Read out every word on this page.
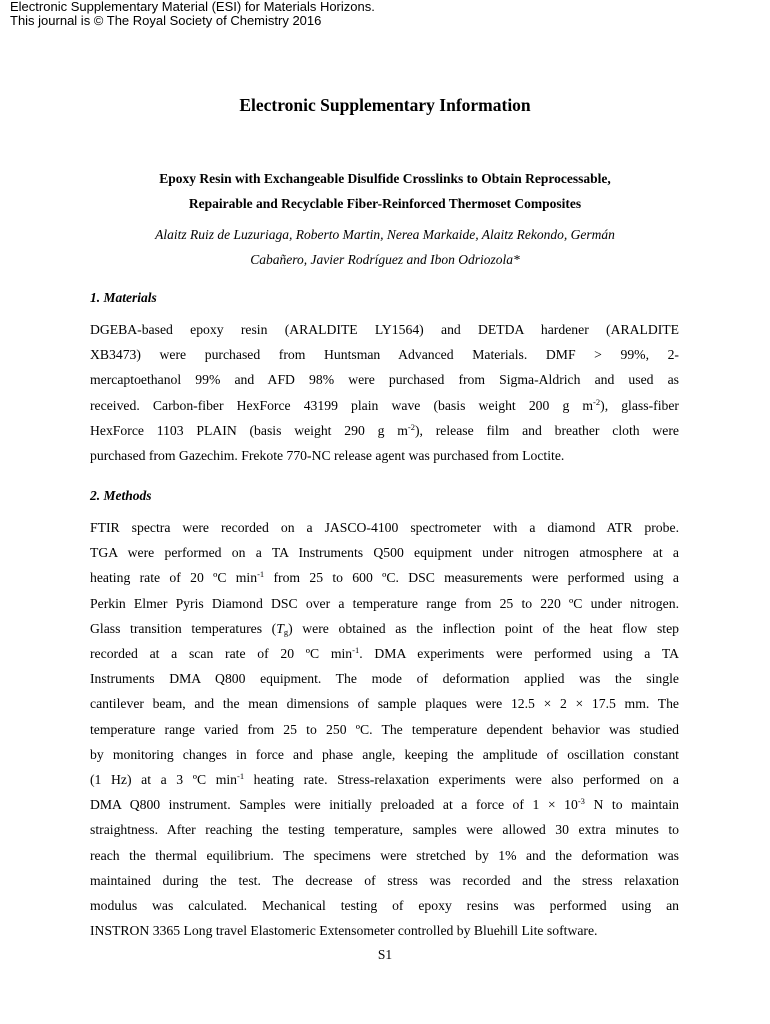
Electronic Supplementary Material (ESI) for Materials Horizons.
This journal is © The Royal Society of Chemistry 2016
Electronic Supplementary Information
Epoxy Resin with Exchangeable Disulfide Crosslinks to Obtain Reprocessable,
Repairable and Recyclable Fiber-Reinforced Thermoset Composites
Alaitz Ruiz de Luzuriaga, Roberto Martin, Nerea Markaide, Alaitz Rekondo, Germán
Cabañero, Javier Rodríguez and Ibon Odriozola*
1. Materials
DGEBA-based epoxy resin (ARALDITE LY1564) and DETDA hardener (ARALDITE
XB3473) were purchased from Huntsman Advanced Materials. DMF > 99%, 2-
mercaptoethanol 99% and AFD 98% were purchased from Sigma-Aldrich and used as
received. Carbon-fiber HexForce 43199 plain wave (basis weight 200 g $m^{-2}$), glass-fiber
HexForce 1103 PLAIN (basis weight 290 g $m^{-2}$), release film and breather cloth were
purchased from Gazechim. Frekote 770-NC release agent was purchased from Loctite.
2. Methods
FTIR spectra were recorded on a JASCO-4100 spectrometer with a diamond ATR probe.
TGA were performed on a TA Instruments Q500 equipment under nitrogen atmosphere at a
heating rate of 20 ºC $\min^{-1}$ from 25 to 600 ºC. DSC measurements were performed using a
Perkin Elmer Pyris Diamond DSC over a temperature range from 25 to 220 ºC under nitrogen.
Glass transition temperatures $(T_g)$ were obtained as the inflection point of the heat flow step
recorded at a scan rate of 20 ºC $\min^{-1}$. DMA experiments were performed using a TA
Instruments DMA Q800 equipment. The mode of deformation applied was the single
cantilever beam, and the mean dimensions of sample plaques were 12.5 × 2 × 17.5 mm. The
temperature range varied from 25 to 250 ºC. The temperature dependent behavior was studied
by monitoring changes in force and phase angle, keeping the amplitude of oscillation constant
(1 Hz) at a 3 ºC $\min^{-1}$ heating rate. Stress-relaxation experiments were also performed on a
DMA Q800 instrument. Samples were initially preloaded at a force of $1 \times 10^{-3}$ N to maintain
straightness. After reaching the testing temperature, samples were allowed 30 extra minutes to
reach the thermal equilibrium. The specimens were stretched by 1% and the deformation was
maintained during the test. The decrease of stress was recorded and the stress relaxation
modulus was calculated. Mechanical testing of epoxy resins was performed using an
INSTRON 3365 Long travel Elastomeric Extensometer controlled by Bluehill Lite software.
S1
